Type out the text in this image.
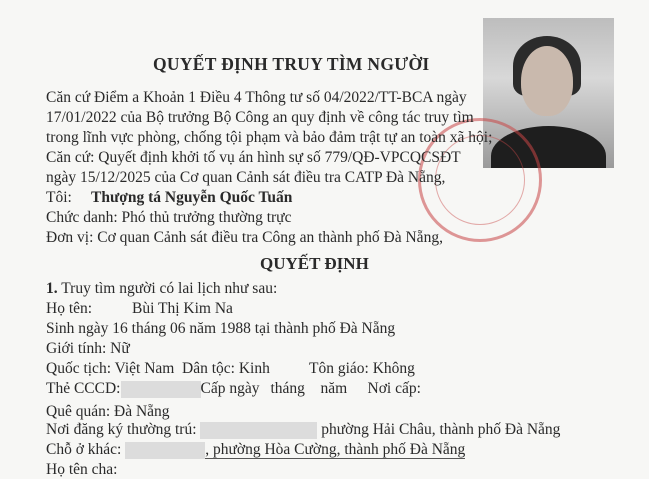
QUYẾT ĐỊNH TRUY TÌM NGƯỜI
Căn cứ Điểm a Khoản 1 Điều 4 Thông tư số 04/2022/TT-BCA ngày
17/01/2022 của Bộ trưởng Bộ Công an quy định về công tác truy tìm
trong lĩnh vực phòng, chống tội phạm và bảo đảm trật tự an toàn xã hội;
Căn cứ: Quyết định khởi tố vụ án hình sự số 779/QĐ-VPCQCSĐT
ngày 15/12/2025 của Cơ quan Cảnh sát điều tra CATP Đà Nẵng,
Tôi: Thượng tá Nguyễn Quốc Tuấn
Chức danh: Phó thủ trưởng thường trực
Đơn vị: Cơ quan Cảnh sát điều tra Công an thành phố Đà Nẵng,
QUYẾT ĐỊNH
1. Truy tìm người có lai lịch như sau:
Họ tên:	Bùi Thị Kim Na
Sinh ngày 16 tháng 06 năm 1988 tại thành phố Đà Nẵng
Giới tính: Nữ
Quốc tịch: Việt Nam Dân tộc: Kinh	Tôn giáo: Không
Thẻ CCCD:	Cấp ngày tháng năm Nơi cấp:
Quê quán: Đà Nẵng
Nơi đăng ký thường trú:	phường Hải Châu, thành phố Đà Nẵng
Chỗ ở khác:	, phường Hòa Cường, thành phố Đà Nẵng
Họ tên cha:
